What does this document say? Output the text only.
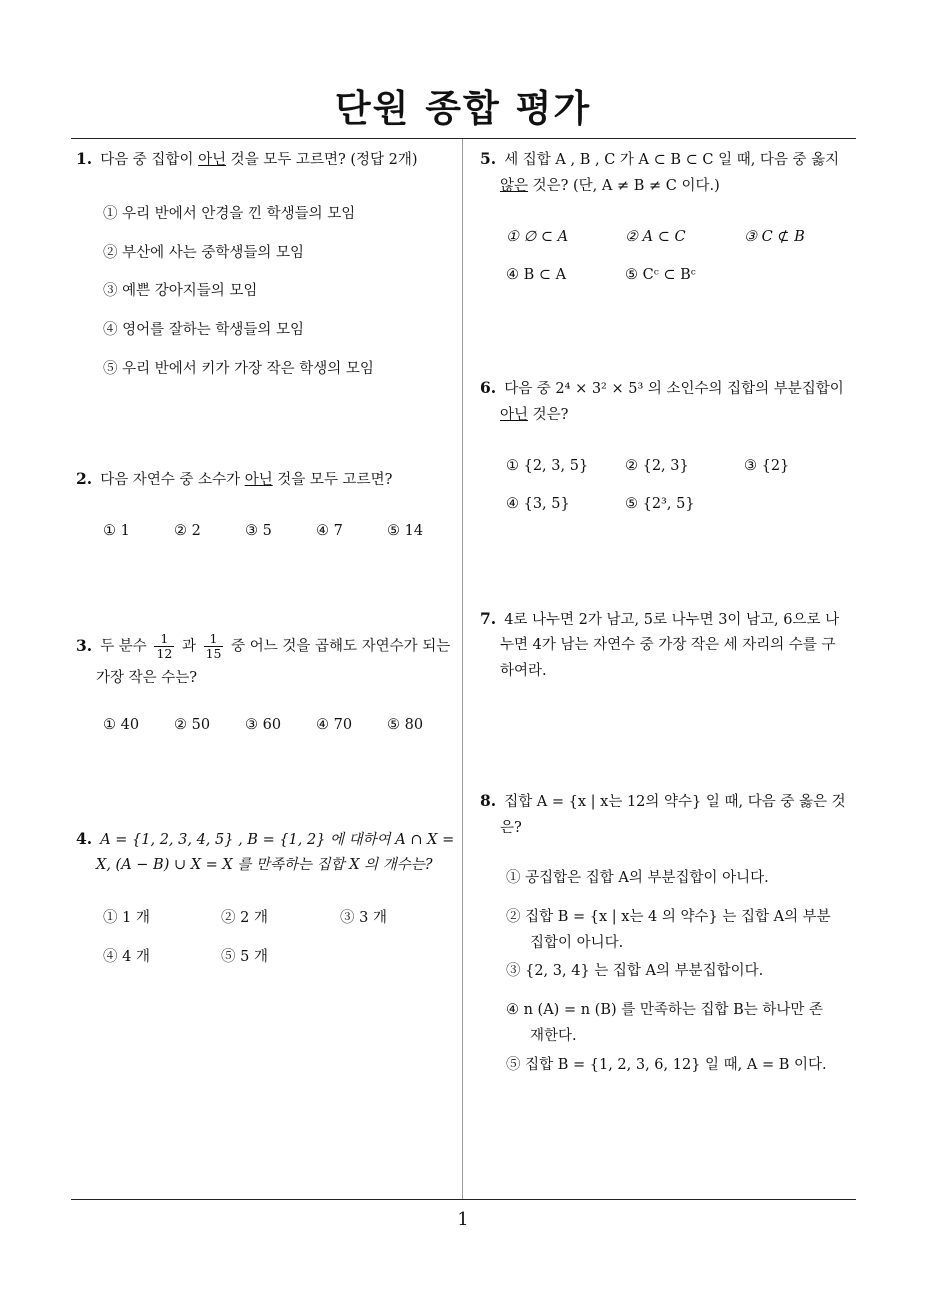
단원 종합 평가
1
1. 다음 중 집합이 아닌 것을 모두 고르면? (정답 2개)
① 우리 반에서 안경을 낀 학생들의 모임
② 부산에 사는 중학생들의 모임
③ 예쁜 강아지들의 모임
④ 영어를 잘하는 학생들의 모임
⑤ 우리 반에서 키가 가장 작은 학생의 모임
2. 다음 자연수 중 소수가 아닌 것을 모두 고르면?
① 1	② 2	③ 5	④ 7	⑤ 14
3. 두 분수 $\frac{1}{12}$ 과 $\frac{1}{15}$ 중 어느 것을 곱해도 자연수가 되는
가장 작은 수는?
① 40 ② 50 ③ 60 ④ 70 ⑤ 80
4. A = {1, 2, 3, 4, 5} , B = {1, 2} 에 대하여 A ∩ X =
X, (A − B) ∪ X = X 를 만족하는 집합 X 의 개수는?
① 1 개	② 2 개	③ 3 개
④ 4 개	⑤ 5 개
5. 세 집합 A , B , C 가 A ⊂ B ⊂ C 일 때, 다음 중 옳지
않은 것은? (단, A ≠ B ≠ C 이다.)
① ∅ ⊂ A	② A ⊂ C	③ C ⊄ B
④ B ⊂ A	⑤ Cᶜ ⊂ Bᶜ
6. 다음 중 2⁴ × 3² × 5³ 의 소인수의 집합의 부분집합이
아닌 것은?
① {2, 3, 5}	② {2, 3}	③ {2}
④ {3, 5}	⑤ {2³, 5}
7. 4로 나누면 2가 남고, 5로 나누면 3이 남고, 6으로 나
누면 4가 남는 자연수 중 가장 작은 세 자리의 수를 구
하여라.
8. 집합 A = {x | x는 12의 약수} 일 때, 다음 중 옳은 것
은?
① 공집합은 집합 A의 부분집합이 아니다.
② 집합 B = {x | x는 4 의 약수} 는 집합 A의 부분
집합이 아니다.
③ {2, 3, 4} 는 집합 A의 부분집합이다.
④ n (A) = n (B) 를 만족하는 집합 B는 하나만 존
재한다.
⑤ 집합 B = {1, 2, 3, 6, 12} 일 때, A = B 이다.
